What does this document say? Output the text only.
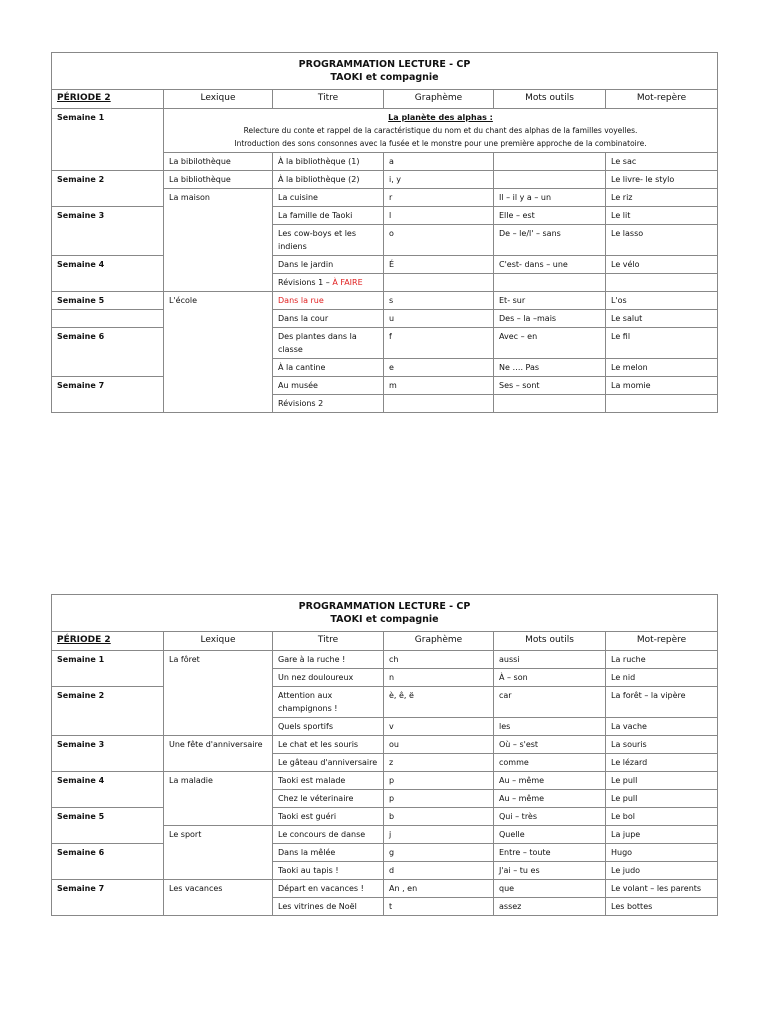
PROGRAMMATION LECTURE - CP
TAOKI et compagnie					

PÉRIODE 2	Lexique	Titre	Graphème	Mots outils	Mot-repère
Semaine 1	La planète des alphas :
Relecture du conte et rappel de la caractéristique du nom et du chant des alphas de la familles voyelles.
Introduction des sons consonnes avec la fusée et le monstre pour une première approche de la combinatoire.				

	La bibilothèque	À la bibliothèque (1)	a		Le sac
Semaine 2	La bibliothèque	À la bibliothèque (2)	i, y		Le livre- le stylo
	La maison	La cuisine	r	Il – il y a – un	Le riz
Semaine 3		La famille de Taoki	l	Elle – est	Le lit
		Les cow-boys et les indiens	o	De – le/l' – sans	Le lasso
Semaine 4		Dans le jardin	É	C'est- dans – une	Le vélo
		Révisions 1 – À FAIRE			
Semaine 5	L'école	Dans la rue	s	Et- sur	L'os
		Dans la cour	u	Des – la –mais	Le salut
Semaine 6		Des plantes dans la classe	f	Avec – en	Le fil
		À la cantine	e	Ne …. Pas	Le melon
Semaine 7		Au musée	m	Ses – sont	La momie
		Révisions 2			
PROGRAMMATION LECTURE - CP
TAOKI et compagnie					

PÉRIODE 2	Lexique	Titre	Graphème	Mots outils	Mot-repère
Semaine 1	La fôret	Gare à la ruche !	ch	aussi	La ruche
		Un nez douloureux	n	À – son	Le nid
Semaine 2		Attention aux champignons !	è, ê, ë	car	La forêt – la vipère
		Quels sportifs	v	les	La vache
Semaine 3	Une fête d'anniversaire	Le chat et les souris	ou	Où – s'est	La souris
		Le gâteau d'anniversaire	z	comme	Le lézard
Semaine 4	La maladie	Taoki est malade	p	Au – même	Le pull
		Chez le véterinaire	p	Au – même	Le pull
Semaine 5		Taoki est guéri	b	Qui – très	Le bol
	Le sport	Le concours de danse	j	Quelle	La jupe
Semaine 6		Dans la mêlée	g	Entre – toute	Hugo
		Taoki au tapis !	d	J'ai – tu es	Le judo
Semaine 7	Les vacances	Départ en vacances !	An , en	que	Le volant – les parents
		Les vitrines de Noël	t	assez	Les bottes
